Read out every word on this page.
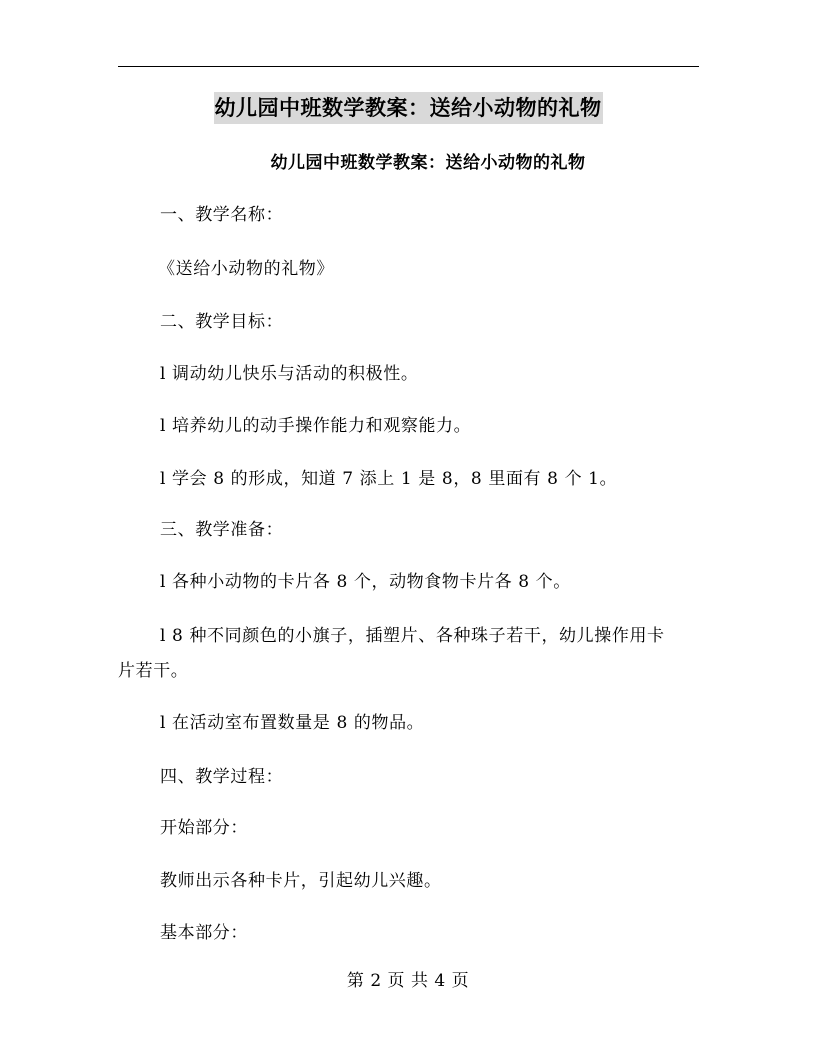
幼儿园中班数学教案：送给小动物的礼物
幼儿园中班数学教案：送给小动物的礼物
一、教学名称：
《送给小动物的礼物》
二、教学目标：
l 调动幼儿快乐与活动的积极性。
l 培养幼儿的动手操作能力和观察能力。
l 学会 8 的形成，知道 7 添上 1 是 8，8 里面有 8 个 1。
三、教学准备：
l 各种小动物的卡片各 8 个，动物食物卡片各 8 个。
l 8 种不同颜色的小旗子，插塑片、各种珠子若干，幼儿操作用卡
片若干。
l 在活动室布置数量是 8 的物品。
四、教学过程：
开始部分：
教师出示各种卡片，引起幼儿兴趣。
基本部分：
第 2 页 共 4 页
